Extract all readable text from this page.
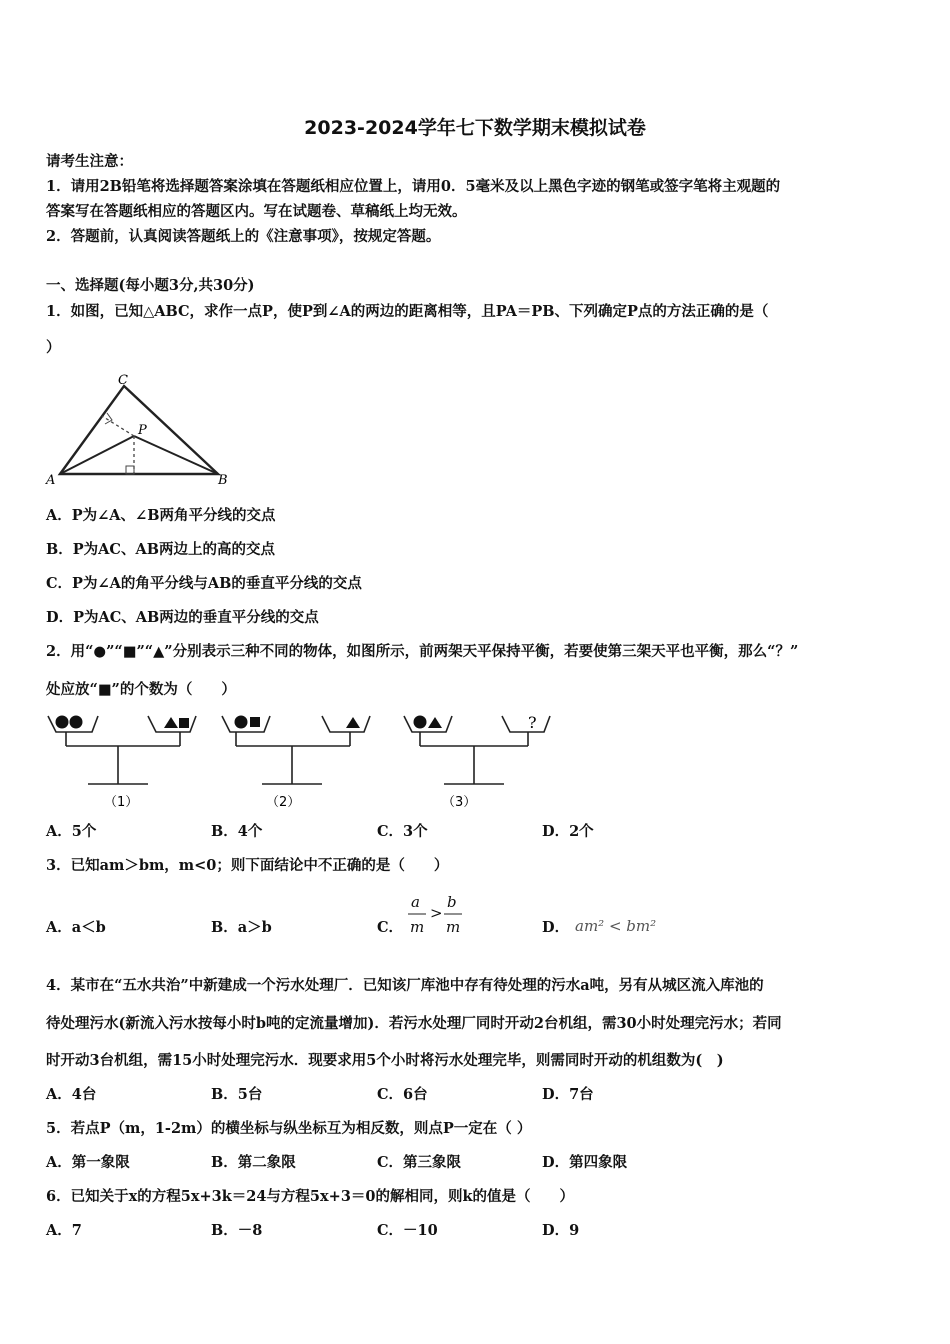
2023-2024学年七下数学期末模拟试卷
请考生注意：
1．请用2B铅笔将选择题答案涂填在答题纸相应位置上，请用0．5毫米及以上黑色字迹的钢笔或签字笔将主观题的
答案写在答题纸相应的答题区内。写在试题卷、草稿纸上均无效。
2．答题前，认真阅读答题纸上的《注意事项》，按规定答题。
一、选择题(每小题3分,共30分)
1．如图，已知△ABC，求作一点P，使P到∠A的两边的距离相等，且PA＝PB、下列确定P点的方法正确的是（
）
C
P
A	B
A．P为∠A、∠B两角平分线的交点
B．P为AC、AB两边上的高的交点
C．P为∠A的角平分线与AB的垂直平分线的交点
D．P为AC、AB两边的垂直平分线的交点
2．用“●”“■”“▲”分别表示三种不同的物体，如图所示，前两架天平保持平衡，若要使第三架天平也平衡，那么“？”
处应放“■”的个数为（　　）
（1）	（2）
?
（3）
A．5个	B．4个	C．3个	D．2个
3．已知am＞bm，m<0；则下面结论中不正确的是（　　）
A．a＜b	B．a＞b	C．
a
m
>
b
m	D． am² < bm²
4．某市在“五水共治”中新建成一个污水处理厂．已知该厂库池中存有待处理的污水a吨，另有从城区流入库池的
待处理污水(新流入污水按每小时b吨的定流量增加)．若污水处理厂同时开动2台机组，需30小时处理完污水；若同
时开动3台机组，需15小时处理完污水．现要求用5个小时将污水处理完毕，则需同时开动的机组数为(　)
A．4台	B．5台	C．6台	D．7台
5．若点P（m，1-2m）的横坐标与纵坐标互为相反数，则点P一定在（ ）
A．第一象限	B．第二象限	C．第三象限	D．第四象限
6．已知关于x的方程5x+3k＝24与方程5x+3＝0的解相同，则k的值是（　　）
A．7	B．－8	C．－10	D．9
